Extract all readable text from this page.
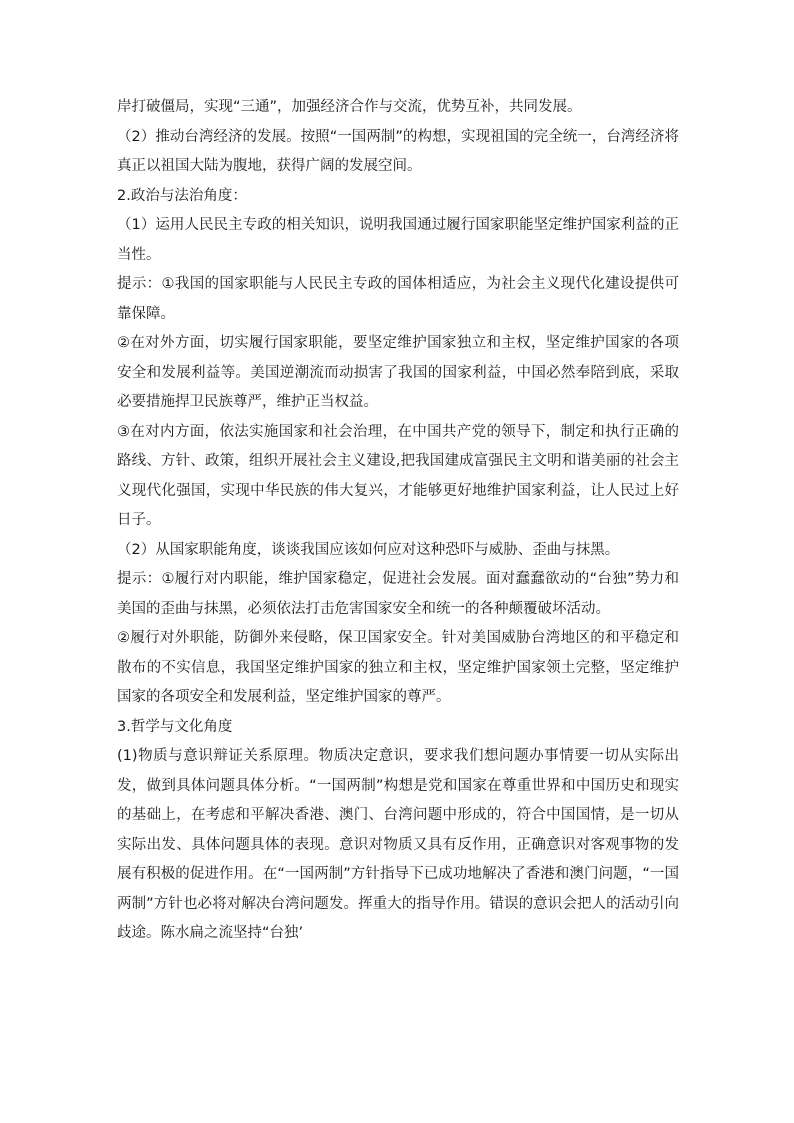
岸打破僵局，实现“三通”，加强经济合作与交流，优势互补，共同发展。

（2）推动台湾经济的发展。按照“一国两制”的构想，实现祖国的完全统一，台湾经济将真正以祖国大陆为腹地，获得广阔的发展空间。

2.政治与法治角度：

（1）运用人民民主专政的相关知识，说明我国通过履行国家职能坚定维护国家利益的正当性。

提示：①我国的国家职能与人民民主专政的国体相适应，为社会主义现代化建设提供可靠保障。

②在对外方面，切实履行国家职能，要坚定维护国家独立和主权，坚定维护国家的各项安全和发展利益等。美国逆潮流而动损害了我国的国家利益，中国必然奉陪到底，采取必要措施捍卫民族尊严，维护正当权益。

③在对内方面，依法实施国家和社会治理，在中国共产党的领导下，制定和执行正确的路线、方针、政策，组织开展社会主义建设,把我国建成富强民主文明和谐美丽的社会主义现代化强国，实现中华民族的伟大复兴，才能够更好地维护国家利益，让人民过上好日子。

（2）从国家职能角度，谈谈我国应该如何应对这种恐吓与威胁、歪曲与抹黑。

提示：①履行对内职能，维护国家稳定，促进社会发展。面对蠢蠢欲动的“台独”势力和美国的歪曲与抹黑，必须依法打击危害国家安全和统一的各种颠覆破坏活动。

②履行对外职能，防御外来侵略，保卫国家安全。针对美国威胁台湾地区的和平稳定和散布的不实信息，我国坚定维护国家的独立和主权，坚定维护国家领土完整，坚定维护国家的各项安全和发展利益，坚定维护国家的尊严。

3.哲学与文化角度

(1)物质与意识辩证关系原理。物质决定意识，要求我们想问题办事情要一切从实际出发，做到具体问题具体分析。“一国两制”构想是党和国家在尊重世界和中国历史和现实的基础上，在考虑和平解决香港、澳门、台湾问题中形成的，符合中国国情，是一切从实际出发、具体问题具体的表现。意识对物质又具有反作用，正确意识对客观事物的发展有积极的促进作用。在“一国两制”方针指导下已成功地解决了香港和澳门问题，“一国两制”方针也必将对解决台湾问题发。挥重大的指导作用。错误的意识会把人的活动引向歧途。陈水扁之流坚持“台独’
